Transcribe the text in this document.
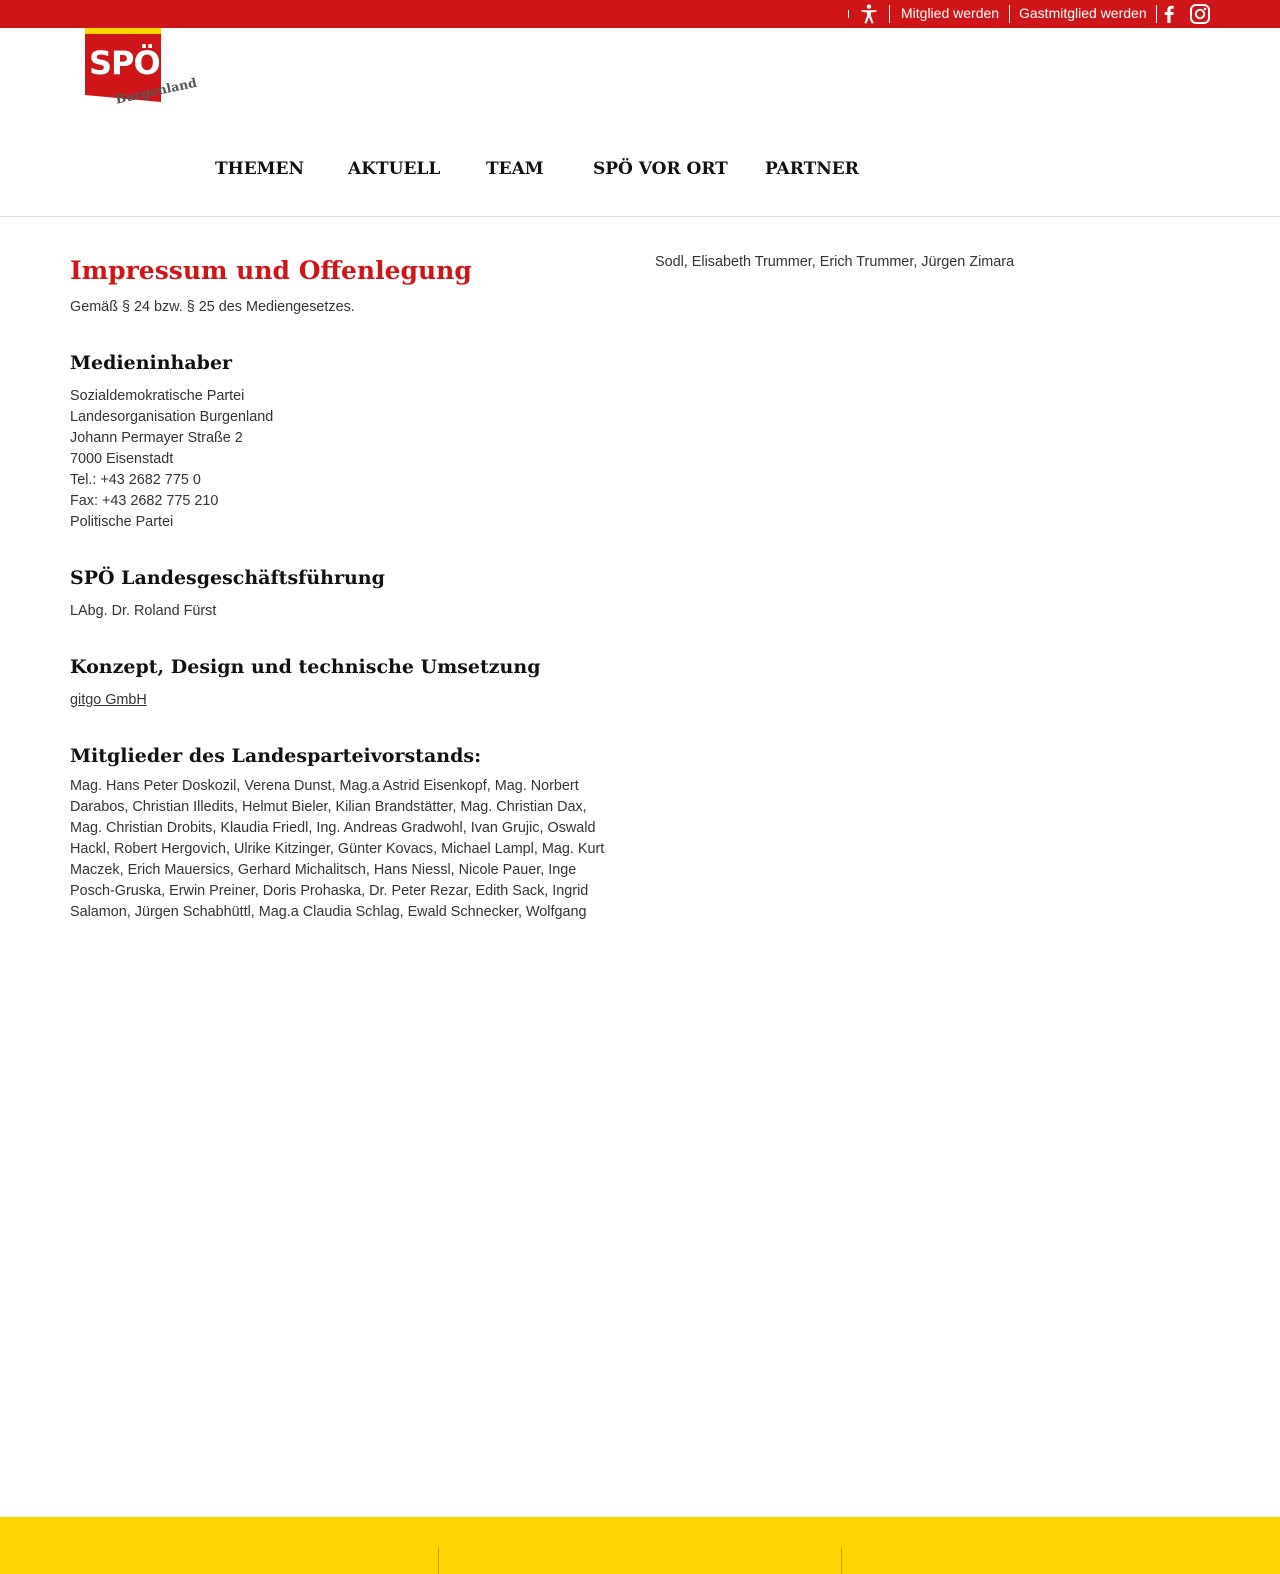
Mitglied werden Gastmitglied werden
SPÖ
Burgenland
THEMEN	AKTUELL	TEAM	SPÖ VOR ORT PARTNER
Impressum und Offenlegung

Gemäß § 24 bzw. § 25 des Mediengesetzes.

Medieninhaber
Sozialdemokratische Partei
Landesorganisation Burgenland
Johann Permayer Straße 2
7000 Eisenstadt
Tel.: +43 2682 775 0
Fax: +43 2682 775 210
Politische Partei
SPÖ Landesgeschäftsführung

LAbg. Dr. Roland Fürst

Konzept, Design und technische Umsetzung

gitgo GmbH

Mitglieder des Landesparteivorstands:
Mag. Hans Peter Doskozil, Verena Dunst, Mag.a Astrid Eisenkopf, Mag. Norbert
Darabos, Christian Illedits, Helmut Bieler, Kilian Brandstätter, Mag. Christian Dax,
Mag. Christian Drobits, Klaudia Friedl, Ing. Andreas Gradwohl, Ivan Grujic, Oswald
Hackl, Robert Hergovich, Ulrike Kitzinger, Günter Kovacs, Michael Lampl, Mag. Kurt
Maczek, Erich Mauersics, Gerhard Michalitsch, Hans Niessl, Nicole Pauer, Inge
Posch-Gruska, Erwin Preiner, Doris Prohaska, Dr. Peter Rezar, Edith Sack, Ingrid
Salamon, Jürgen Schabhüttl, Mag.a Claudia Schlag, Ewald Schnecker, Wolfgang
Sodl, Elisabeth Trummer, Erich Trummer, Jürgen Zimara
